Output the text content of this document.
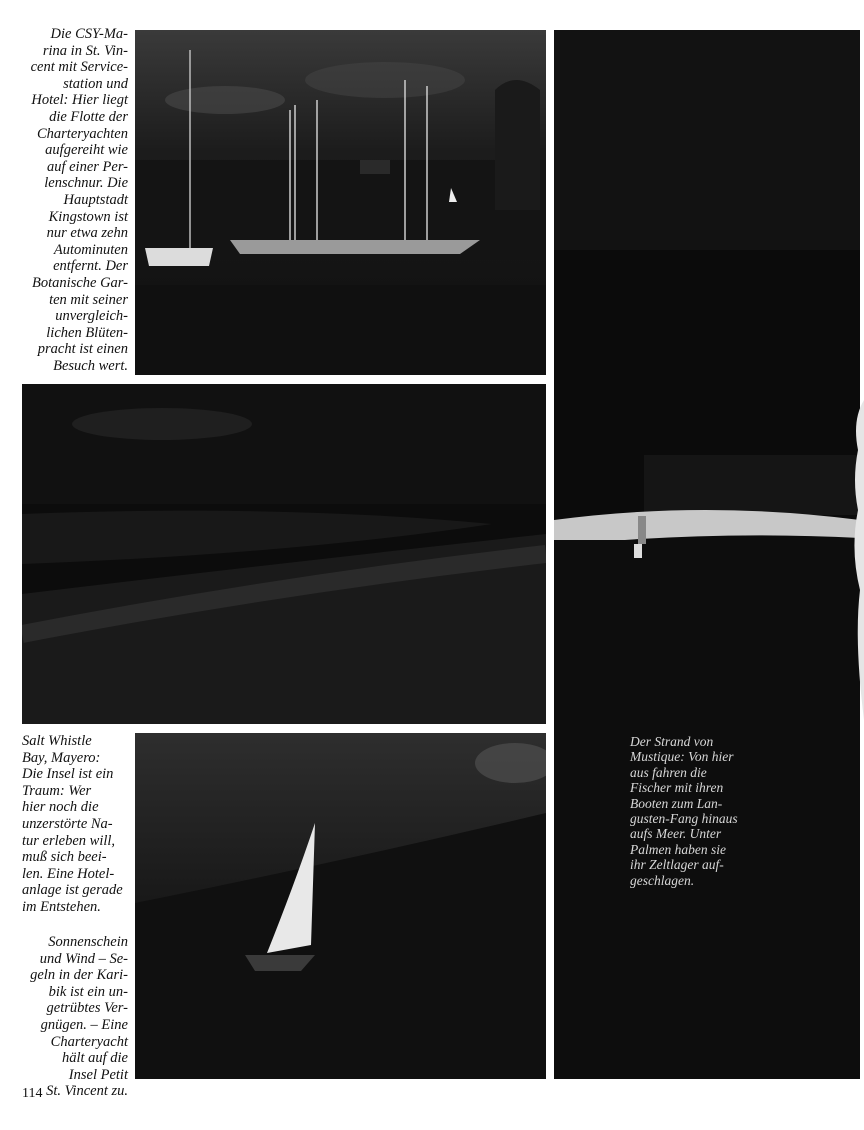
Die CSY-Ma-
rina in St. Vin-
cent mit Service-
station und
Hotel: Hier liegt
die Flotte der
Charteryachten
aufgereiht wie
auf einer Per-
lenschnur. Die
Hauptstadt
Kingstown ist
nur etwa zehn
Autominuten
entfernt. Der
Botanische Gar-
ten mit seiner
unvergleich-
lichen Blüten-
pracht ist einen
Besuch wert.
Der Strand von
Mustique: Von hier
aus fahren die
Fischer mit ihren
Booten zum Lan-
gusten-Fang hinaus
aufs Meer. Unter
Palmen haben sie
ihr Zeltlager auf-
geschlagen.
Salt Whistle
Bay, Mayero:
Die Insel ist ein
Traum: Wer
hier noch die
unzerstörte Na-
tur erleben will,
muß sich beei-
len. Eine Hotel-
anlage ist gerade
im Entstehen.
Sonnenschein
und Wind – Se-
geln in der Kari-
bik ist ein un-
getrübtes Ver-
gnügen. – Eine
Charteryacht
hält auf die
Insel Petit
St. Vincent zu.
114
